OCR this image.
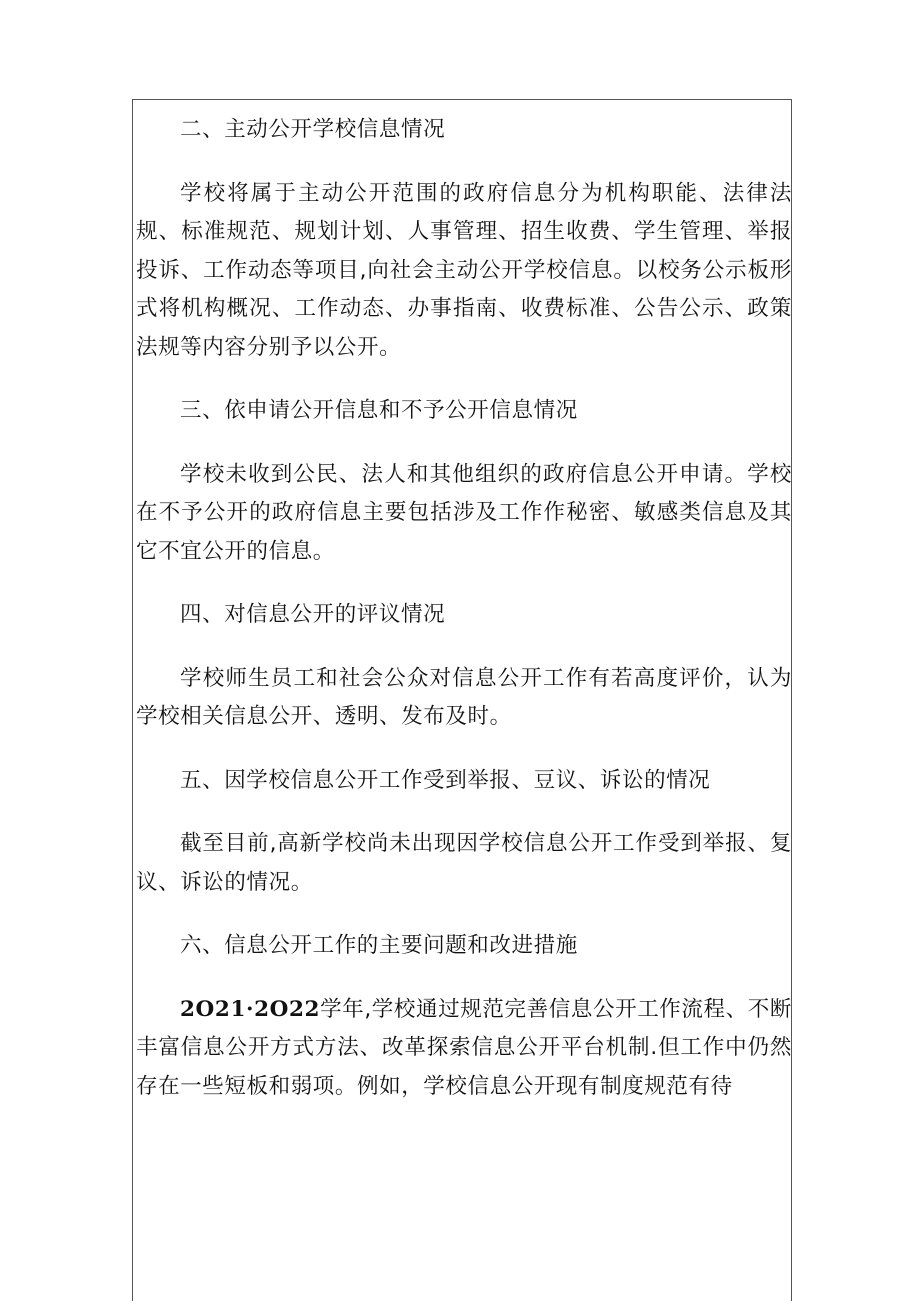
二、主动公开学校信息情况

学校将属于主动公开范围的政府信息分为机构职能、法律法规、标准规范、规划计划、人事管理、招生收费、学生管理、举报投诉、工作动态等项目,向社会主动公开学校信息。以校务公示板形式将机构概况、工作动态、办事指南、收费标准、公告公示、政策法规等内容分别予以公开。

三、依申请公开信息和不予公开信息情况

学校未收到公民、法人和其他组织的政府信息公开申请。学校在不予公开的政府信息主要包括涉及工作作秘密、敏感类信息及其它不宜公开的信息。

四、对信息公开的评议情况

学校师生员工和社会公众对信息公开工作有若高度评价，认为学校相关信息公开、透明、发布及时。

五、因学校信息公开工作受到举报、豆议、诉讼的情况

截至目前,高新学校尚未出现因学校信息公开工作受到举报、复议、诉讼的情况。

六、信息公开工作的主要问题和改进措施

2O21·2O22学年,学校通过规范完善信息公开工作流程、不断丰富信息公开方式方法、改革探索信息公开平台机制.但工作中仍然存在一些短板和弱项。例如，学校信息公开现有制度规范有待
